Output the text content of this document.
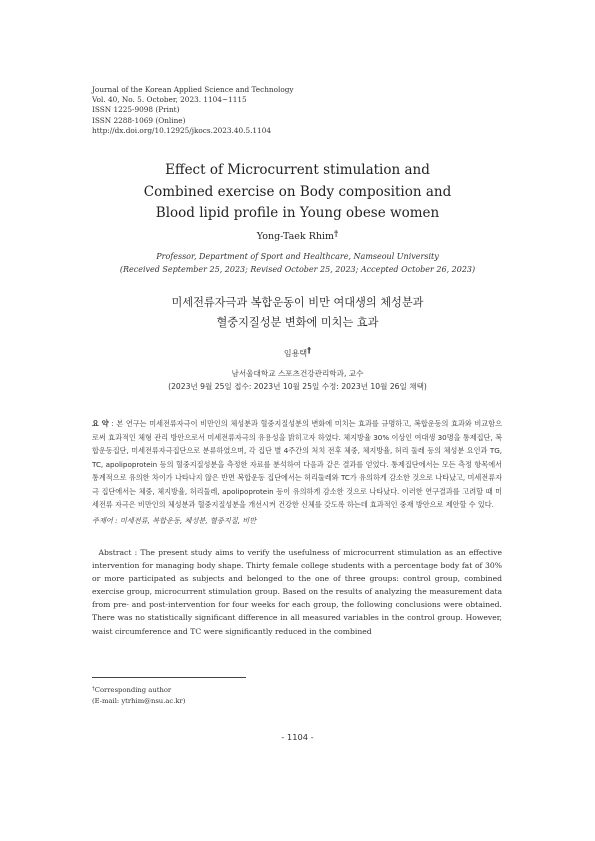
Journal of the Korean Applied Science and Technology
Vol. 40, No. 5. October, 2023. 1104~1115
ISSN 1225-9098 (Print)
ISSN 2288-1069 (Online)
http://dx.doi.org/10.12925/jkocs.2023.40.5.1104
Effect of Microcurrent stimulation and
Combined exercise on Body composition and
Blood lipid profile in Young obese women
Yong-Taek Rhim†
Professor, Department of Sport and Healthcare, Namseoul University
(Received September 25, 2023; Revised October 25, 2023; Accepted October 26, 2023)
미세전류자극과 복합운동이 비만 여대생의 체성분과
혈중지질성분 변화에 미치는 효과
임용택†
남서울대학교 스포츠건강관리학과, 교수
(2023년 9월 25일 접수: 2023년 10월 25일 수정: 2023년 10월 26일 채택)
요 약 : 본 연구는 미세전류자극이 비만인의 체성분과 혈중지질성분의 변화에 미치는 효과를 규명하고, 복합운동의 효과와 비교함으로써 효과적인 체형 관리 방안으로서 미세전류자극의 유용성을 밝히고자 하였다. 체지방율 30% 이상인 여대생 30명을 통제집단, 복합운동집단, 미세전류자극집단으로 분류하였으며, 각 집단 별 4주간의 처치 전후 체중, 체지방율, 허리 둘레 등의 체성분 요인과 TG, TC, apolipoprotein 등의 혈중지질성분을 측정한 자료를 분석하여 다음과 같은 결과를 얻었다. 통제집단에서는 모든 측정 항목에서 통계적으로 유의한 차이가 나타나지 않은 반면 복합운동 집단에서는 허리둘레와 TC가 유의하게 감소한 것으로 나타났고, 미세전류자극 집단에서는 체중, 체지방율, 허리둘레, apolipoprotein 등이 유의하게 감소한 것으로 나타났다. 이러한 연구결과를 고려할 때 미세전류 자극은 비만인의 체성분과 혈중지질성분을 개선시켜 건강한 신체를 갖도록 하는데 효과적인 중재 방안으로 제안할 수 있다.
주제어 : 미세전류, 복합운동, 체성분, 혈중지질, 비만
Abstract : The present study aims to verify the usefulness of microcurrent stimulation as an effective intervention for managing body shape. Thirty female college students with a percentage body fat of 30% or more participated as subjects and belonged to the one of three groups: control group, combined exercise group, microcurrent stimulation group. Based on the results of analyzing the measurement data from pre- and post-intervention for four weeks for each group, the following conclusions were obtained. There was no statistically significant difference in all measured variables in the control group. However, waist circumference and TC were significantly reduced in the combined
†Corresponding author
(E-mail: ytrhim@nsu.ac.kr)
- 1104 -
